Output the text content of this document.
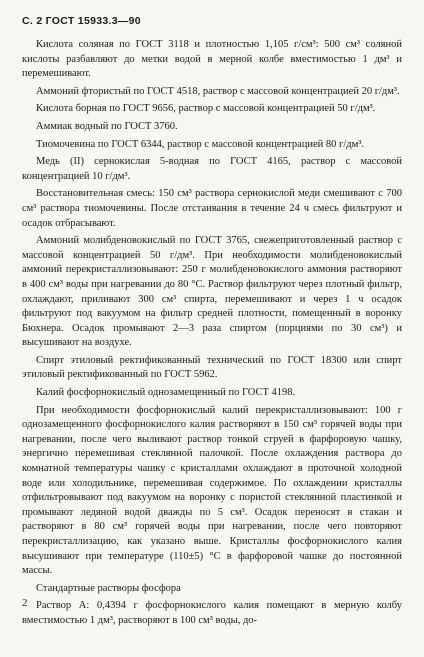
С. 2 ГОСТ 15933.3—90

Кислота соляная по ГОСТ 3118 и плотностью 1,105 г/см³: 500 см³ соляной кислоты разбавляют до метки водой в мерной колбе вместимостью 1 дм³ и перемешивают.

Аммоний фтористый по ГОСТ 4518, раствор с массовой концентрацией 20 г/дм³.

Кислота борная по ГОСТ 9656, раствор с массовой концентрацией 50 г/дм³.

Аммиак водный по ГОСТ 3760.

Тиомочевина по ГОСТ 6344, раствор с массовой концентрацией 80 г/дм³.

Медь (II) сернокислая 5-водная по ГОСТ 4165, раствор с массовой концентрацией 10 г/дм³.

Восстановительная смесь: 150 см³ раствора сернокислой меди смешивают с 700 см³ раствора тиомочевины. После отстаивания в течение 24 ч смесь фильтруют и осадок отбрасывают.

Аммоний молибденовокислый по ГОСТ 3765, свежеприготовленный раствор с массовой концентрацией 50 г/дм³. При необходимости молибденовокислый аммоний перекристаллизовывают: 250 г молибденовокислого аммония растворяют в 400 см³ воды при нагревании до 80 °С. Раствор фильтруют через плотный фильтр, охлаждают, приливают 300 см³ спирта, перемешивают и через 1 ч осадок фильтруют под вакуумом на фильтр средней плотности, помещенный в воронку Бюхнера. Осадок промывают 2—3 раза спиртом (порциями по 30 см³) и высушивают на воздухе.

Спирт этиловый ректификованный технический по ГОСТ 18300 или спирт этиловый ректификованный по ГОСТ 5962.

Калий фосфорнокислый однозамещенный по ГОСТ 4198.

При необходимости фосфорнокислый калий перекристаллизовывают: 100 г однозамещенного фосфорнокислого калия растворяют в 150 см³ горячей воды при нагревании, после чего выливают раствор тонкой струей в фарфоровую чашку, энергично перемешивая стеклянной палочкой. После охлаждения раствора до комнатной температуры чашку с кристаллами охлаждают в проточной холодной воде или холодильнике, перемешивая содержимое. По охлаждении кристаллы отфильтровывают под вакуумом на воронку с пористой стеклянной пластинкой и промывают ледяной водой дважды по 5 см³. Осадок переносят в стакан и растворяют в 80 см³ горячей воды при нагревании, после чего повторяют перекристаллизацию, как указано выше. Кристаллы фосфорнокислого калия высушивают при температуре (110±5) °С в фарфоровой чашке до постоянной массы.

Стандартные растворы фосфора

Раствор А: 0,4394 г фосфорнокислого калия помещают в мерную колбу вместимостью 1 дм³, растворяют в 100 см³ воды, до-

2
